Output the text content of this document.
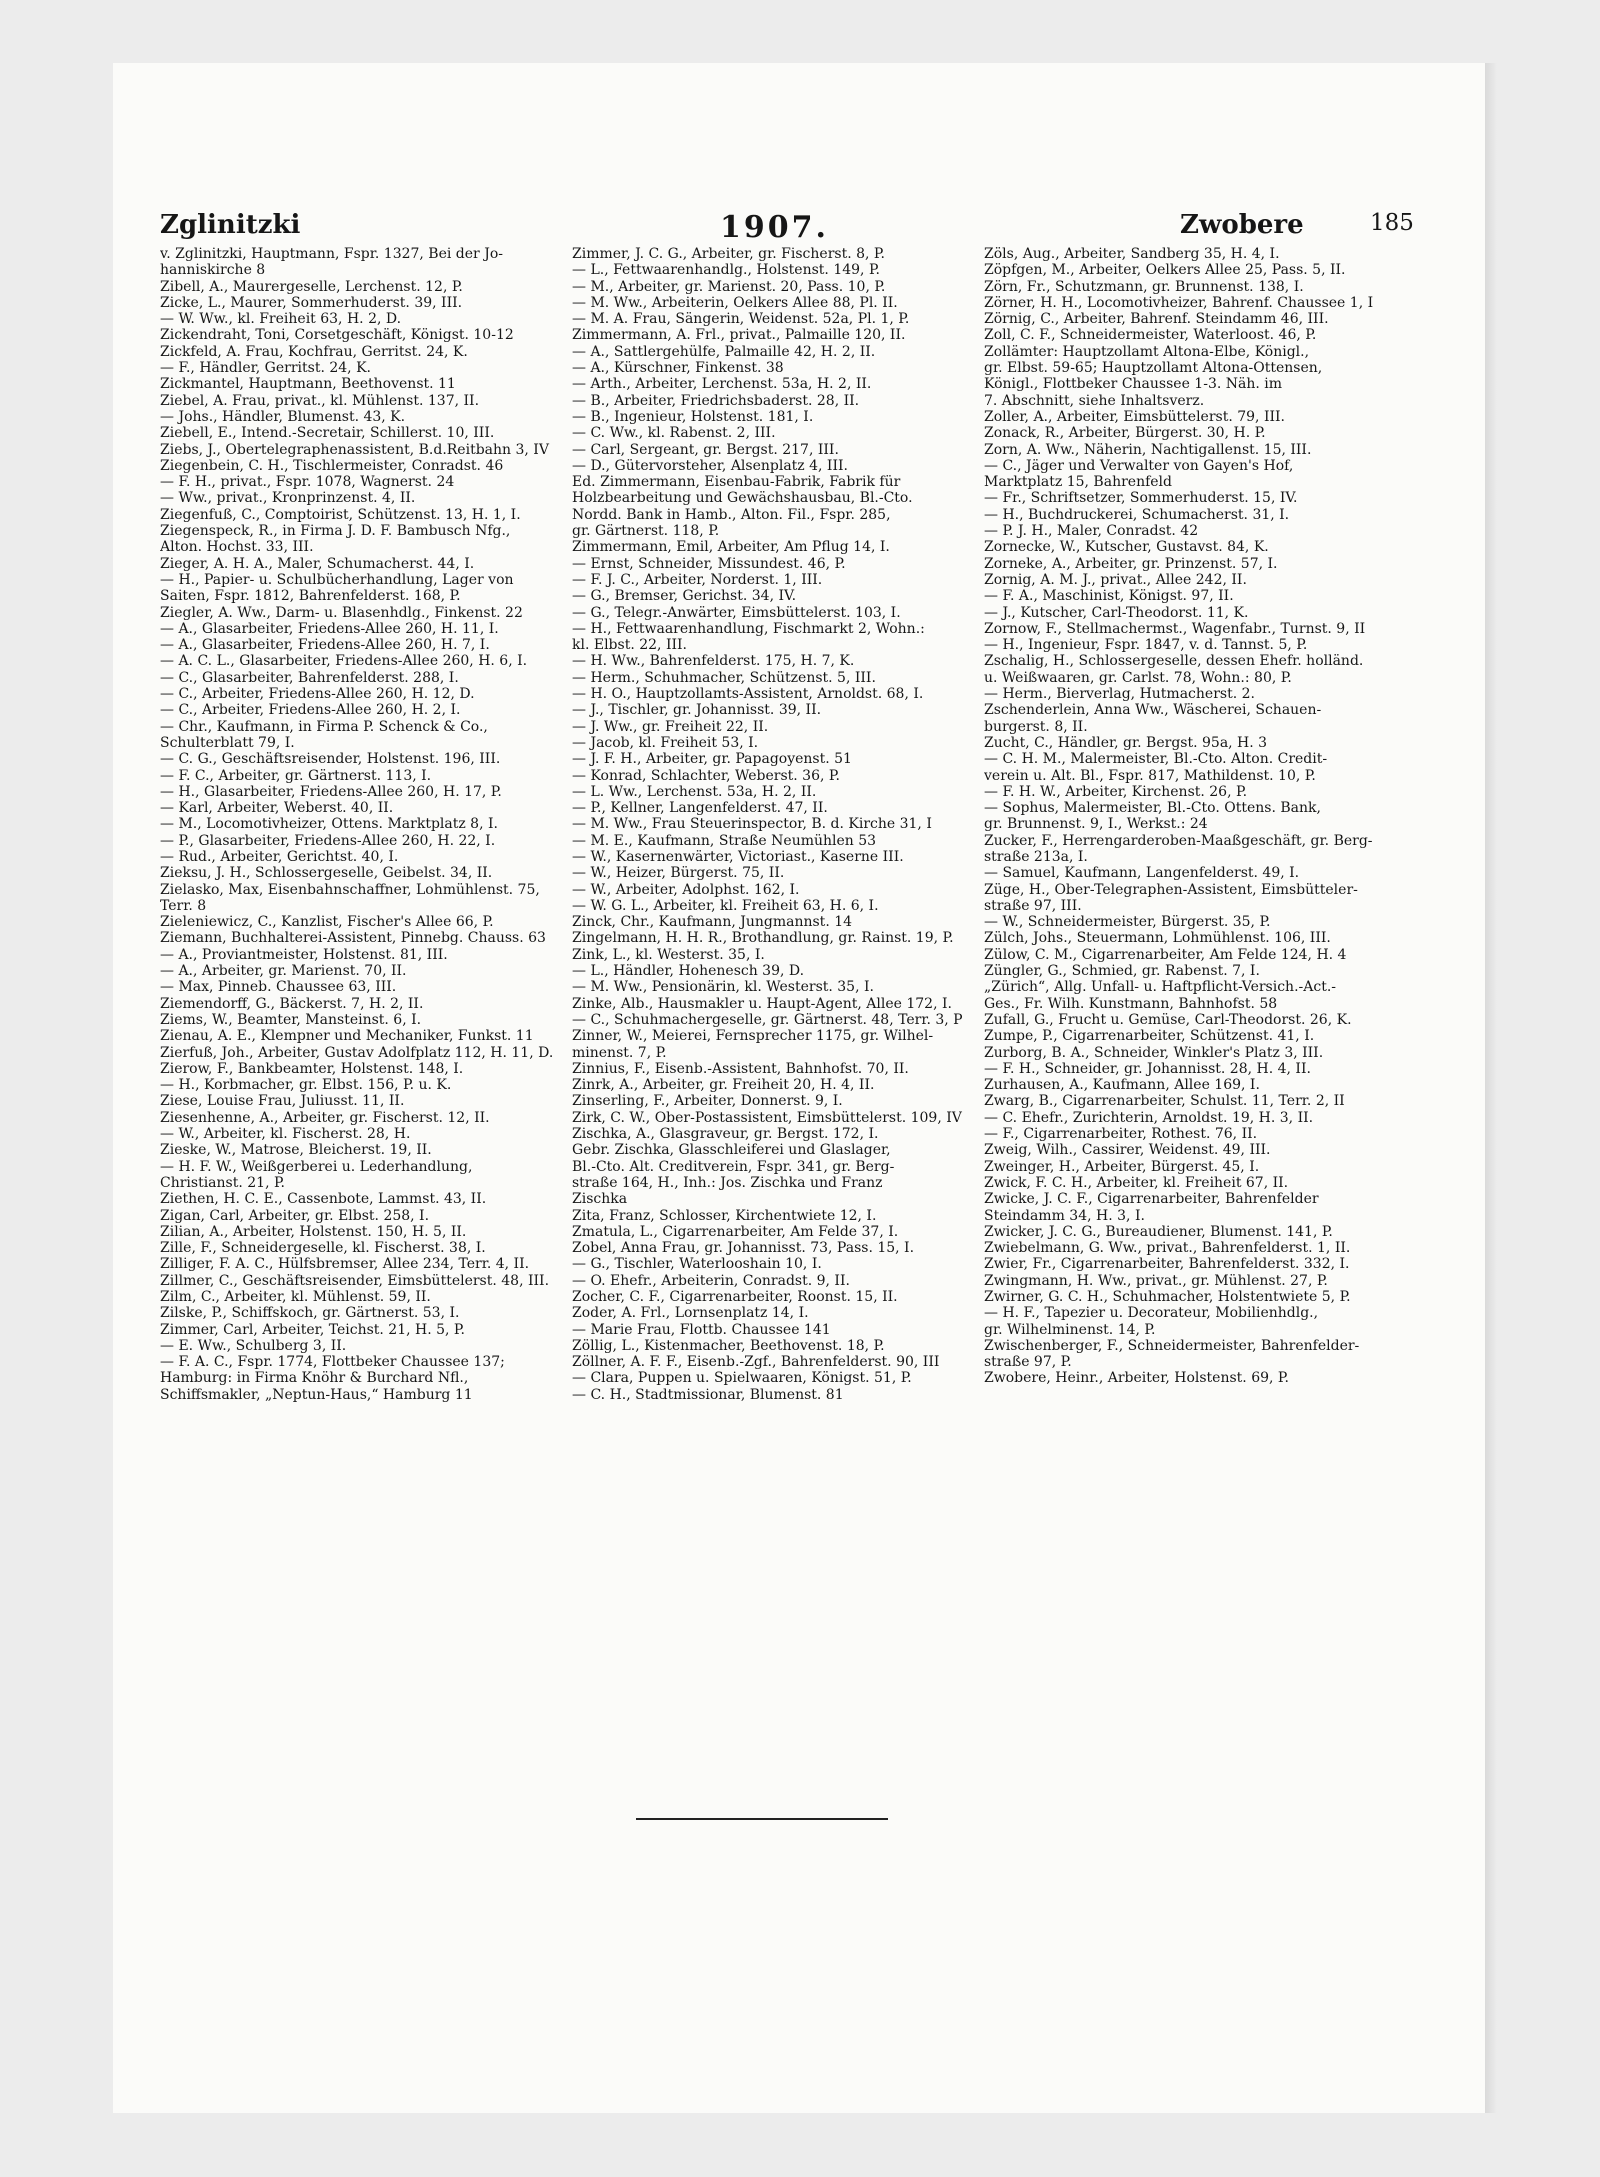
Zglinitzki	1907.	Zwobere	185
v. Zglinitzki, Hauptmann, Fspr. 1327, Bei der Jo-
hanniskirche 8
Zibell, A., Maurergeselle, Lerchenst. 12, P.
Zicke, L., Maurer, Sommerhuderst. 39, III.
— W. Ww., kl. Freiheit 63, H. 2, D.
Zickendraht, Toni, Corsetgeschäft, Königst. 10-12
Zickfeld, A. Frau, Kochfrau, Gerritst. 24, K.
— F., Händler, Gerritst. 24, K.
Zickmantel, Hauptmann, Beethovenst. 11
Ziebel, A. Frau, privat., kl. Mühlenst. 137, II.
— Johs., Händler, Blumenst. 43, K.
Ziebell, E., Intend.-Secretair, Schillerst. 10, III.
Ziebs, J., Obertelegraphenassistent, B.d.Reitbahn 3, IV
Ziegenbein, C. H., Tischlermeister, Conradst. 46
— F. H., privat., Fspr. 1078, Wagnerst. 24
— Ww., privat., Kronprinzenst. 4, II.
Ziegenfuß, C., Comptoirist, Schützenst. 13, H. 1, I.
Ziegenspeck, R., in Firma J. D. F. Bambusch Nfg.,
Alton. Hochst. 33, III.
Zieger, A. H. A., Maler, Schumacherst. 44, I.
— H., Papier- u. Schulbücherhandlung, Lager von
Saiten, Fspr. 1812, Bahrenfelderst. 168, P.
Ziegler, A. Ww., Darm- u. Blasenhdlg., Finkenst. 22
— A., Glasarbeiter, Friedens-Allee 260, H. 11, I.
— A., Glasarbeiter, Friedens-Allee 260, H. 7, I.
— A. C. L., Glasarbeiter, Friedens-Allee 260, H. 6, I.
— C., Glasarbeiter, Bahrenfelderst. 288, I.
— C., Arbeiter, Friedens-Allee 260, H. 12, D.
— C., Arbeiter, Friedens-Allee 260, H. 2, I.
— Chr., Kaufmann, in Firma P. Schenck & Co.,
Schulterblatt 79, I.
— C. G., Geschäftsreisender, Holstenst. 196, III.
— F. C., Arbeiter, gr. Gärtnerst. 113, I.
— H., Glasarbeiter, Friedens-Allee 260, H. 17, P.
— Karl, Arbeiter, Weberst. 40, II.
— M., Locomotivheizer, Ottens. Marktplatz 8, I.
— P., Glasarbeiter, Friedens-Allee 260, H. 22, I.
— Rud., Arbeiter, Gerichtst. 40, I.
Zieksu, J. H., Schlossergeselle, Geibelst. 34, II.
Zielasko, Max, Eisenbahnschaffner, Lohmühlenst. 75,
Terr. 8
Zieleniewicz, C., Kanzlist, Fischer's Allee 66, P.
Ziemann, Buchhalterei-Assistent, Pinnebg. Chauss. 63
— A., Proviantmeister, Holstenst. 81, III.
— A., Arbeiter, gr. Marienst. 70, II.
— Max, Pinneb. Chaussee 63, III.
Ziemendorff, G., Bäckerst. 7, H. 2, II.
Ziems, W., Beamter, Mansteinst. 6, I.
Zienau, A. E., Klempner und Mechaniker, Funkst. 11
Zierfuß, Joh., Arbeiter, Gustav Adolfplatz 112, H. 11, D.
Zierow, F., Bankbeamter, Holstenst. 148, I.
— H., Korbmacher, gr. Elbst. 156, P. u. K.
Ziese, Louise Frau, Juliusst. 11, II.
Ziesenhenne, A., Arbeiter, gr. Fischerst. 12, II.
— W., Arbeiter, kl. Fischerst. 28, H.
Zieske, W., Matrose, Bleicherst. 19, II.
— H. F. W., Weißgerberei u. Lederhandlung,
Christianst. 21, P.
Ziethen, H. C. E., Cassenbote, Lammst. 43, II.
Zigan, Carl, Arbeiter, gr. Elbst. 258, I.
Zilian, A., Arbeiter, Holstenst. 150, H. 5, II.
Zille, F., Schneidergeselle, kl. Fischerst. 38, I.
Zilliger, F. A. C., Hülfsbremser, Allee 234, Terr. 4, II.
Zillmer, C., Geschäftsreisender, Eimsbüttelerst. 48, III.
Zilm, C., Arbeiter, kl. Mühlenst. 59, II.
Zilske, P., Schiffskoch, gr. Gärtnerst. 53, I.
Zimmer, Carl, Arbeiter, Teichst. 21, H. 5, P.
— E. Ww., Schulberg 3, II.
— F. A. C., Fspr. 1774, Flottbeker Chaussee 137;
Hamburg: in Firma Knöhr & Burchard Nfl.,
Schiffsmakler, „Neptun-Haus,“ Hamburg 11
Zimmer, J. C. G., Arbeiter, gr. Fischerst. 8, P.
— L., Fettwaarenhandlg., Holstenst. 149, P.
— M., Arbeiter, gr. Marienst. 20, Pass. 10, P.
— M. Ww., Arbeiterin, Oelkers Allee 88, Pl. II.
— M. A. Frau, Sängerin, Weidenst. 52a, Pl. 1, P.
Zimmermann, A. Frl., privat., Palmaille 120, II.
— A., Sattlergehülfe, Palmaille 42, H. 2, II.
— A., Kürschner, Finkenst. 38
— Arth., Arbeiter, Lerchenst. 53a, H. 2, II.
— B., Arbeiter, Friedrichsbaderst. 28, II.
— B., Ingenieur, Holstenst. 181, I.
— C. Ww., kl. Rabenst. 2, III.
— Carl, Sergeant, gr. Bergst. 217, III.
— D., Gütervorsteher, Alsenplatz 4, III.
Ed. Zimmermann, Eisenbau-Fabrik, Fabrik für
Holzbearbeitung und Gewächshausbau, Bl.-Cto.
Nordd. Bank in Hamb., Alton. Fil., Fspr. 285,
gr. Gärtnerst. 118, P.
Zimmermann, Emil, Arbeiter, Am Pflug 14, I.
— Ernst, Schneider, Missundest. 46, P.
— F. J. C., Arbeiter, Norderst. 1, III.
— G., Bremser, Gerichst. 34, IV.
— G., Telegr.-Anwärter, Eimsbüttelerst. 103, I.
— H., Fettwaarenhandlung, Fischmarkt 2, Wohn.:
kl. Elbst. 22, III.
— H. Ww., Bahrenfelderst. 175, H. 7, K.
— Herm., Schuhmacher, Schützenst. 5, III.
— H. O., Hauptzollamts-Assistent, Arnoldst. 68, I.
— J., Tischler, gr. Johannisst. 39, II.
— J. Ww., gr. Freiheit 22, II.
— Jacob, kl. Freiheit 53, I.
— J. F. H., Arbeiter, gr. Papagoyenst. 51
— Konrad, Schlachter, Weberst. 36, P.
— L. Ww., Lerchenst. 53a, H. 2, II.
— P., Kellner, Langenfelderst. 47, II.
— M. Ww., Frau Steuerinspector, B. d. Kirche 31, I
— M. E., Kaufmann, Straße Neumühlen 53
— W., Kasernenwärter, Victoriast., Kaserne III.
— W., Heizer, Bürgerst. 75, II.
— W., Arbeiter, Adolphst. 162, I.
— W. G. L., Arbeiter, kl. Freiheit 63, H. 6, I.
Zinck, Chr., Kaufmann, Jungmannst. 14
Zingelmann, H. H. R., Brothandlung, gr. Rainst. 19, P.
Zink, L., kl. Westerst. 35, I.
— L., Händler, Hohenesch 39, D.
— M. Ww., Pensionärin, kl. Westerst. 35, I.
Zinke, Alb., Hausmakler u. Haupt-Agent, Allee 172, I.
— C., Schuhmachergeselle, gr. Gärtnerst. 48, Terr. 3, P
Zinner, W., Meierei, Fernsprecher 1175, gr. Wilhel-
minenst. 7, P.
Zinnius, F., Eisenb.-Assistent, Bahnhofst. 70, II.
Zinrk, A., Arbeiter, gr. Freiheit 20, H. 4, II.
Zinserling, F., Arbeiter, Donnerst. 9, I.
Zirk, C. W., Ober-Postassistent, Eimsbüttelerst. 109, IV
Zischka, A., Glasgraveur, gr. Bergst. 172, I.
Gebr. Zischka, Glasschleiferei und Glaslager,
Bl.-Cto. Alt. Creditverein, Fspr. 341, gr. Berg-
straße 164, H., Inh.: Jos. Zischka und Franz
Zischka
Zita, Franz, Schlosser, Kirchentwiete 12, I.
Zmatula, L., Cigarrenarbeiter, Am Felde 37, I.
Zobel, Anna Frau, gr. Johannisst. 73, Pass. 15, I.
— G., Tischler, Waterlooshain 10, I.
— O. Ehefr., Arbeiterin, Conradst. 9, II.
Zocher, C. F., Cigarrenarbeiter, Roonst. 15, II.
Zoder, A. Frl., Lornsenplatz 14, I.
— Marie Frau, Flottb. Chaussee 141
Zöllig, L., Kistenmacher, Beethovenst. 18, P.
Zöllner, A. F. F., Eisenb.-Zgf., Bahrenfelderst. 90, III
— Clara, Puppen u. Spielwaaren, Königst. 51, P.
— C. H., Stadtmissionar, Blumenst. 81
Zöls, Aug., Arbeiter, Sandberg 35, H. 4, I.
Zöpfgen, M., Arbeiter, Oelkers Allee 25, Pass. 5, II.
Zörn, Fr., Schutzmann, gr. Brunnenst. 138, I.
Zörner, H. H., Locomotivheizer, Bahrenf. Chaussee 1, I
Zörnig, C., Arbeiter, Bahrenf. Steindamm 46, III.
Zoll, C. F., Schneidermeister, Waterloost. 46, P.
Zollämter: Hauptzollamt Altona-Elbe, Königl.,
gr. Elbst. 59-65; Hauptzollamt Altona-Ottensen,
Königl., Flottbeker Chaussee 1-3. Näh. im
7. Abschnitt, siehe Inhaltsverz.
Zoller, A., Arbeiter, Eimsbüttelerst. 79, III.
Zonack, R., Arbeiter, Bürgerst. 30, H. P.
Zorn, A. Ww., Näherin, Nachtigallenst. 15, III.
— C., Jäger und Verwalter von Gayen's Hof,
Marktplatz 15, Bahrenfeld
— Fr., Schriftsetzer, Sommerhuderst. 15, IV.
— H., Buchdruckerei, Schumacherst. 31, I.
— P. J. H., Maler, Conradst. 42
Zornecke, W., Kutscher, Gustavst. 84, K.
Zorneke, A., Arbeiter, gr. Prinzenst. 57, I.
Zornig, A. M. J., privat., Allee 242, II.
— F. A., Maschinist, Königst. 97, II.
— J., Kutscher, Carl-Theodorst. 11, K.
Zornow, F., Stellmachermst., Wagenfabr., Turnst. 9, II
— H., Ingenieur, Fspr. 1847, v. d. Tannst. 5, P.
Zschalig, H., Schlossergeselle, dessen Ehefr. holländ.
u. Weißwaaren, gr. Carlst. 78, Wohn.: 80, P.
— Herm., Bierverlag, Hutmacherst. 2.
Zschenderlein, Anna Ww., Wäscherei, Schauen-
burgerst. 8, II.
Zucht, C., Händler, gr. Bergst. 95a, H. 3
— C. H. M., Malermeister, Bl.-Cto. Alton. Credit-
verein u. Alt. Bl., Fspr. 817, Mathildenst. 10, P.
— F. H. W., Arbeiter, Kirchenst. 26, P.
— Sophus, Malermeister, Bl.-Cto. Ottens. Bank,
gr. Brunnenst. 9, I., Werkst.: 24
Zucker, F., Herrengarderoben-Maaßgeschäft, gr. Berg-
straße 213a, I.
— Samuel, Kaufmann, Langenfelderst. 49, I.
Züge, H., Ober-Telegraphen-Assistent, Eimsbütteler-
straße 97, III.
— W., Schneidermeister, Bürgerst. 35, P.
Zülch, Johs., Steuermann, Lohmühlenst. 106, III.
Zülow, C. M., Cigarrenarbeiter, Am Felde 124, H. 4
Züngler, G., Schmied, gr. Rabenst. 7, I.
„Zürich“, Allg. Unfall- u. Haftpflicht-Versich.-Act.-
Ges., Fr. Wilh. Kunstmann, Bahnhofst. 58
Zufall, G., Frucht u. Gemüse, Carl-Theodorst. 26, K.
Zumpe, P., Cigarrenarbeiter, Schützenst. 41, I.
Zurborg, B. A., Schneider, Winkler's Platz 3, III.
— F. H., Schneider, gr. Johannisst. 28, H. 4, II.
Zurhausen, A., Kaufmann, Allee 169, I.
Zwarg, B., Cigarrenarbeiter, Schulst. 11, Terr. 2, II
— C. Ehefr., Zurichterin, Arnoldst. 19, H. 3, II.
— F., Cigarrenarbeiter, Rothest. 76, II.
Zweig, Wilh., Cassirer, Weidenst. 49, III.
Zweinger, H., Arbeiter, Bürgerst. 45, I.
Zwick, F. C. H., Arbeiter, kl. Freiheit 67, II.
Zwicke, J. C. F., Cigarrenarbeiter, Bahrenfelder
Steindamm 34, H. 3, I.
Zwicker, J. C. G., Bureaudiener, Blumenst. 141, P.
Zwiebelmann, G. Ww., privat., Bahrenfelderst. 1, II.
Zwier, Fr., Cigarrenarbeiter, Bahrenfelderst. 332, I.
Zwingmann, H. Ww., privat., gr. Mühlenst. 27, P.
Zwirner, G. C. H., Schuhmacher, Holstentwiete 5, P.
— H. F., Tapezier u. Decorateur, Mobilienhdlg.,
gr. Wilhelminenst. 14, P.
Zwischenberger, F., Schneidermeister, Bahrenfelder-
straße 97, P.
Zwobere, Heinr., Arbeiter, Holstenst. 69, P.
